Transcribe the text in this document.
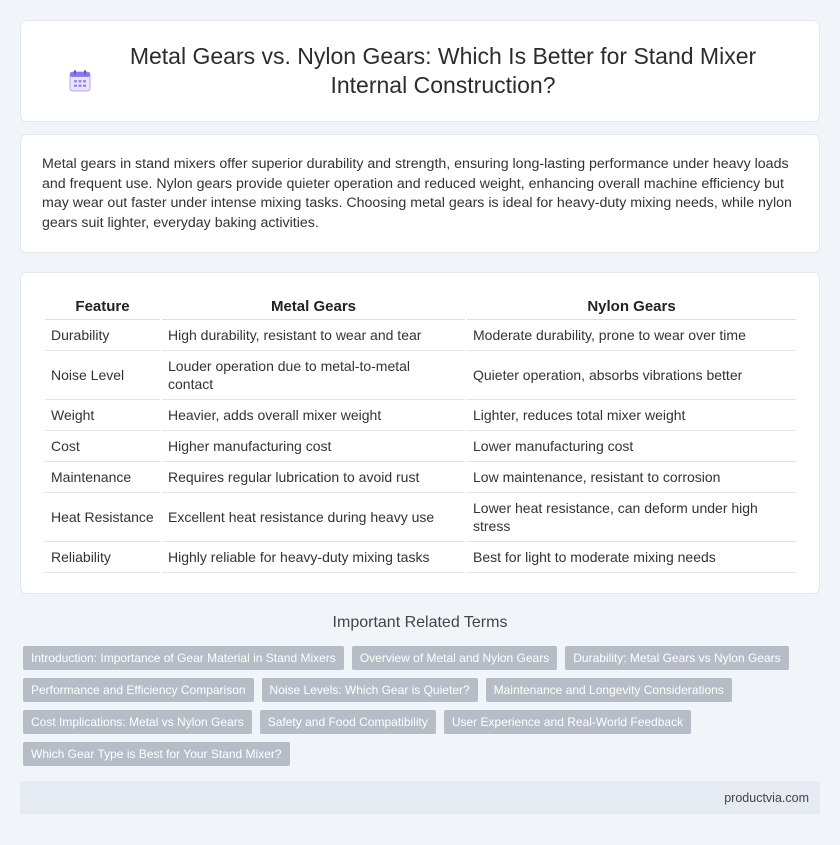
Metal Gears vs. Nylon Gears: Which Is Better for Stand Mixer Internal Construction?

Metal gears in stand mixers offer superior durability and strength, ensuring long-lasting performance under heavy loads and frequent use. Nylon gears provide quieter operation and reduced weight, enhancing overall machine efficiency but may wear out faster under intense mixing tasks. Choosing metal gears is ideal for heavy-duty mixing needs, while nylon gears suit lighter, everyday baking activities.

Feature	Metal Gears	Nylon Gears
Durability	High durability, resistant to wear and tear	Moderate durability, prone to wear over time
Noise Level	Louder operation due to metal-to-metal contact	Quieter operation, absorbs vibrations better
Weight	Heavier, adds overall mixer weight	Lighter, reduces total mixer weight
Cost	Higher manufacturing cost	Lower manufacturing cost
Maintenance	Requires regular lubrication to avoid rust	Low maintenance, resistant to corrosion
Heat Resistance	Excellent heat resistance during heavy use	Lower heat resistance, can deform under high stress
Reliability	Highly reliable for heavy-duty mixing tasks	Best for light to moderate mixing needs
Important Related Terms
Introduction: Importance of Gear Material in Stand Mixers	Overview of Metal and Nylon Gears	Durability: Metal Gears vs Nylon Gears
Performance and Efficiency Comparison	Noise Levels: Which Gear is Quieter?	Maintenance and Longevity Considerations
Cost Implications: Metal vs Nylon Gears	Safety and Food Compatibility	User Experience and Real-World Feedback
Which Gear Type is Best for Your Stand Mixer?
productvia.com
